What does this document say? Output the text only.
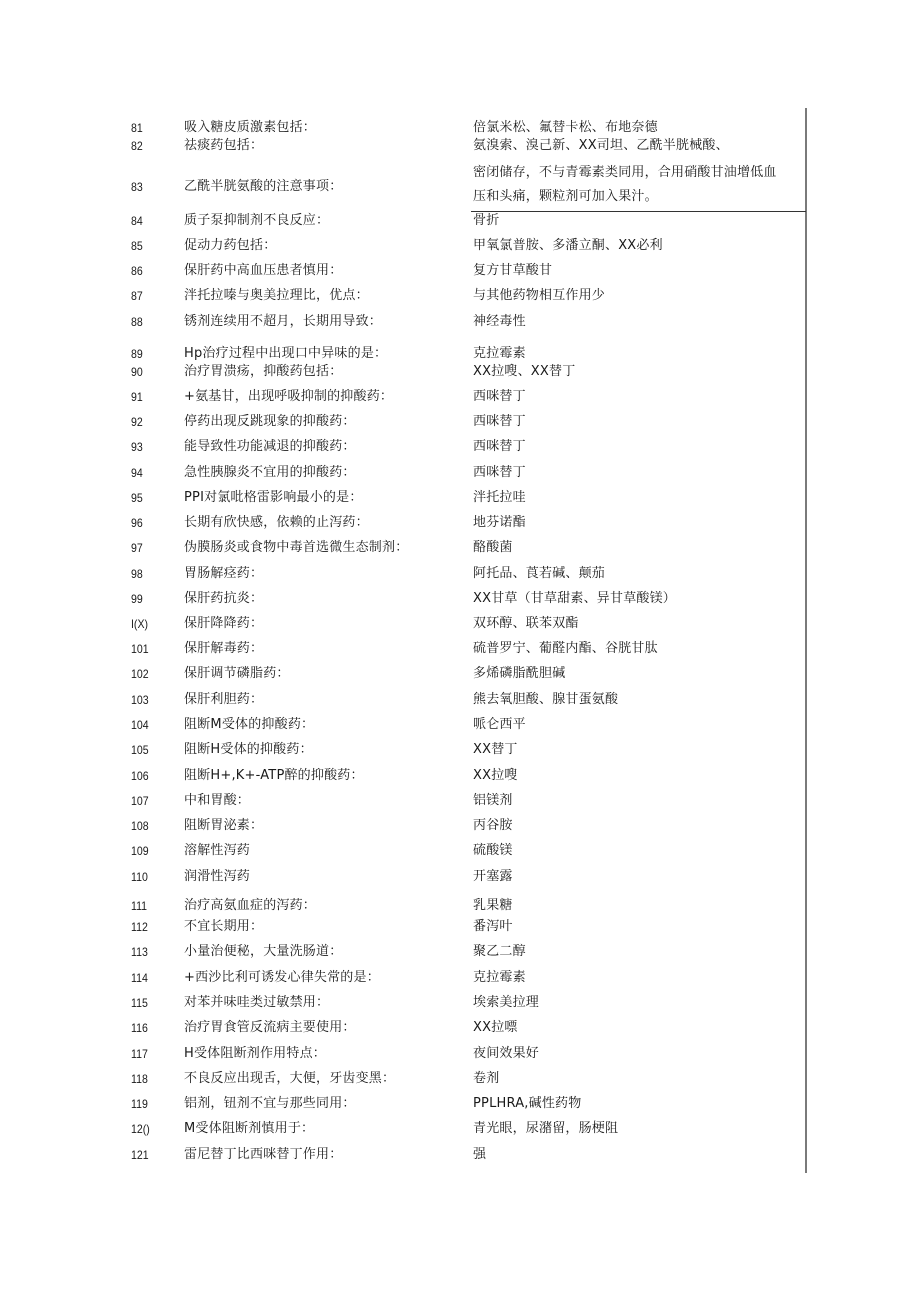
81	吸入糖皮质激素包括：	倍氯米松、氟替卡松、布地奈德
82	祛痰药包括：	氨溴索、溴己新、XX司坦、乙酰半胱械酸、
83	乙酰半胱氨酸的注意事项：
密闭储存，不与青霉素类同用，合用硝酸甘油增低血
压和头痛，颗粒剂可加入果汁。
84	质子泵抑制剂不良反应：	骨折
85	促动力药包括：	甲氧氯普胺、多潘立酮、XX必利
86	保肝药中高血压患者慎用：	复方甘草酸甘
87	泮托拉嗪与奥美拉理比，优点：	与其他药物相互作用少
88	锈剂连续用不超月，长期用导致：	神经毒性
89	Hp治疗过程中出现口中异味的是：	克拉霉素
90	治疗胃溃疡，抑酸药包括：	XX拉嗖、XX替丁
91	+氨基甘，出现呼吸抑制的抑酸药：	西咪替丁
92	停药出现反跳现象的抑酸药：	西咪替丁
93	能导致性功能减退的抑酸药：	西咪替丁
94	急性胰腺炎不宜用的抑酸药：	西咪替丁
95	PPI对氯吡格雷影响最小的是：	泮托拉哇
96	长期有欣快感，依赖的止泻药：	地芬诺酯
97	伪膜肠炎或食物中毒首选微生态制剂：	酪酸菌
98	胃肠解痉药：	阿托品、莨若碱、颠茄
99	保肝药抗炎：	XX甘草（甘草甜素、异甘草酸镁）
I(X)	保肝降降药：	双环醇、联苯双酯
101	保肝解毒药：	硫普罗宁、葡醛内酯、谷胱甘肽
102	保肝调节磷脂药：	多烯磷脂酰胆碱
103	保肝利胆药：	熊去氧胆酸、腺甘蛋氨酸
104	阻断M受体的抑酸药：	哌仑西平
105	阻断H受体的抑酸药：	XX替丁
106	阻断H+,K+-ATP醉的抑酸药：	XX拉嗖
107	中和胃酸：	铝镁剂
108	阻断胃泌素：	丙谷胺
109	溶解性泻药	硫酸镁
110	润滑性泻药	开塞露
111	治疗高氨血症的泻药：	乳果糖
112	不宜长期用：	番泻叶
113	小量治便秘，大量洗肠道：	聚乙二醇
114	+西沙比利可诱发心律失常的是：	克拉霉素
115	对苯并味哇类过敏禁用：	埃索美拉理
116	治疗胃食管反流病主要使用：	XX拉嘌
117	H受体阻断剂作用特点：	夜间效果好
118	不良反应出现舌，大便，牙齿变黑：	卷剂
119	铝剂，钮剂不宜与那些同用：	PPLHRA,碱性药物
12()	M受体阻断剂慎用于：	青光眼，尿潴留，肠梗阻
121	雷尼替丁比西咪替丁作用：	强
